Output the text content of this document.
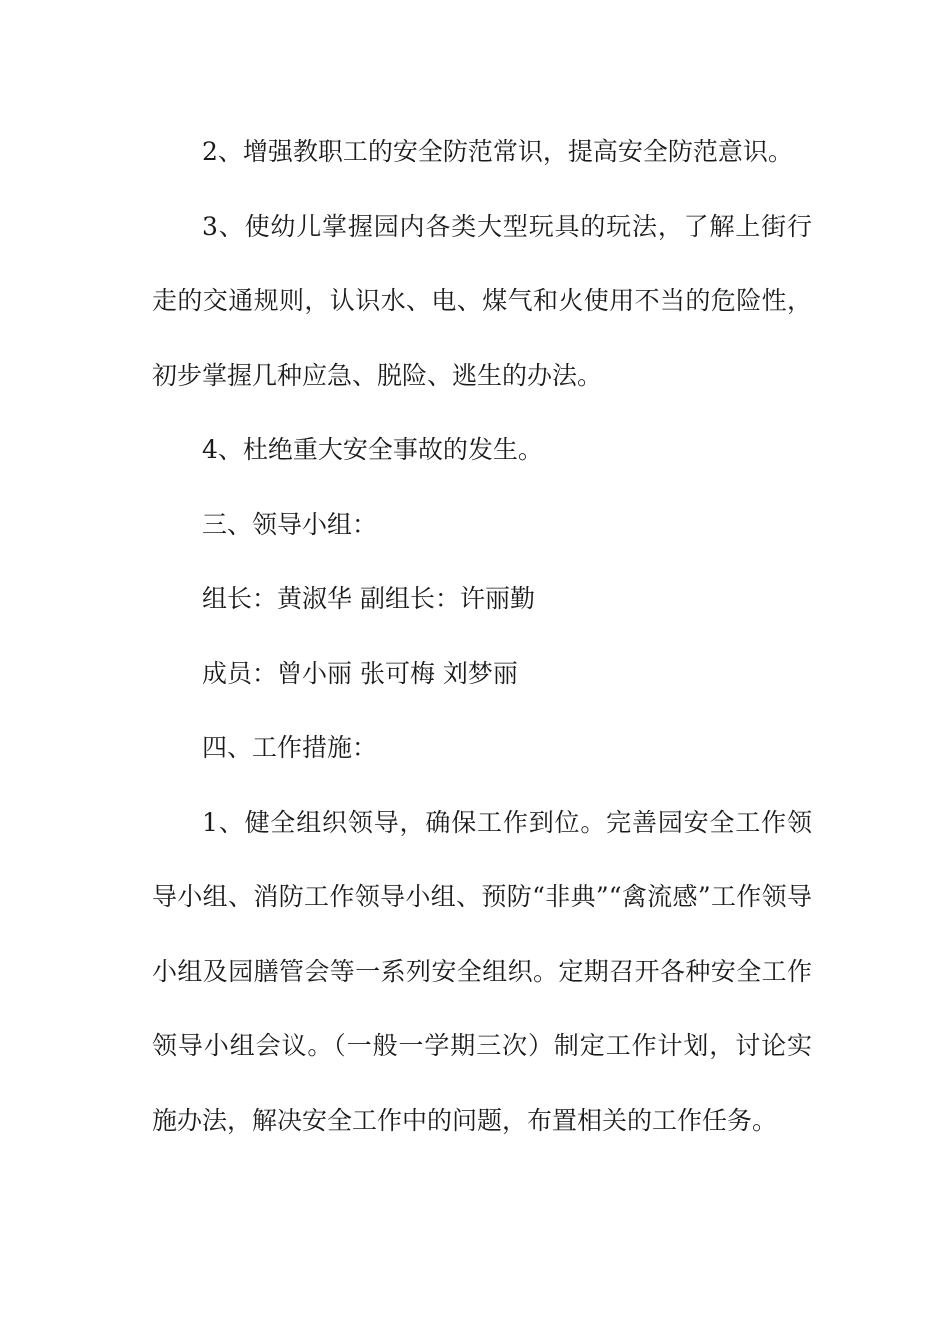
2、增强教职工的安全防范常识，提高安全防范意识。

3、使幼儿掌握园内各类大型玩具的玩法，了解上街行走的交通规则，认识水、电、煤气和火使用不当的危险性，初步掌握几种应急、脱险、逃生的办法。

4、杜绝重大安全事故的发生。

三、领导小组：

组长：黄淑华 副组长：许丽勤

成员：曾小丽 张可梅 刘梦丽

四、工作措施：

1、健全组织领导，确保工作到位。完善园安全工作领导小组、消防工作领导小组、预防“非典”“禽流感”工作领导小组及园膳管会等一系列安全组织。定期召开各种安全工作领导小组会议。（一般一学期三次）制定工作计划，讨论实施办法，解决安全工作中的问题，布置相关的工作任务。
